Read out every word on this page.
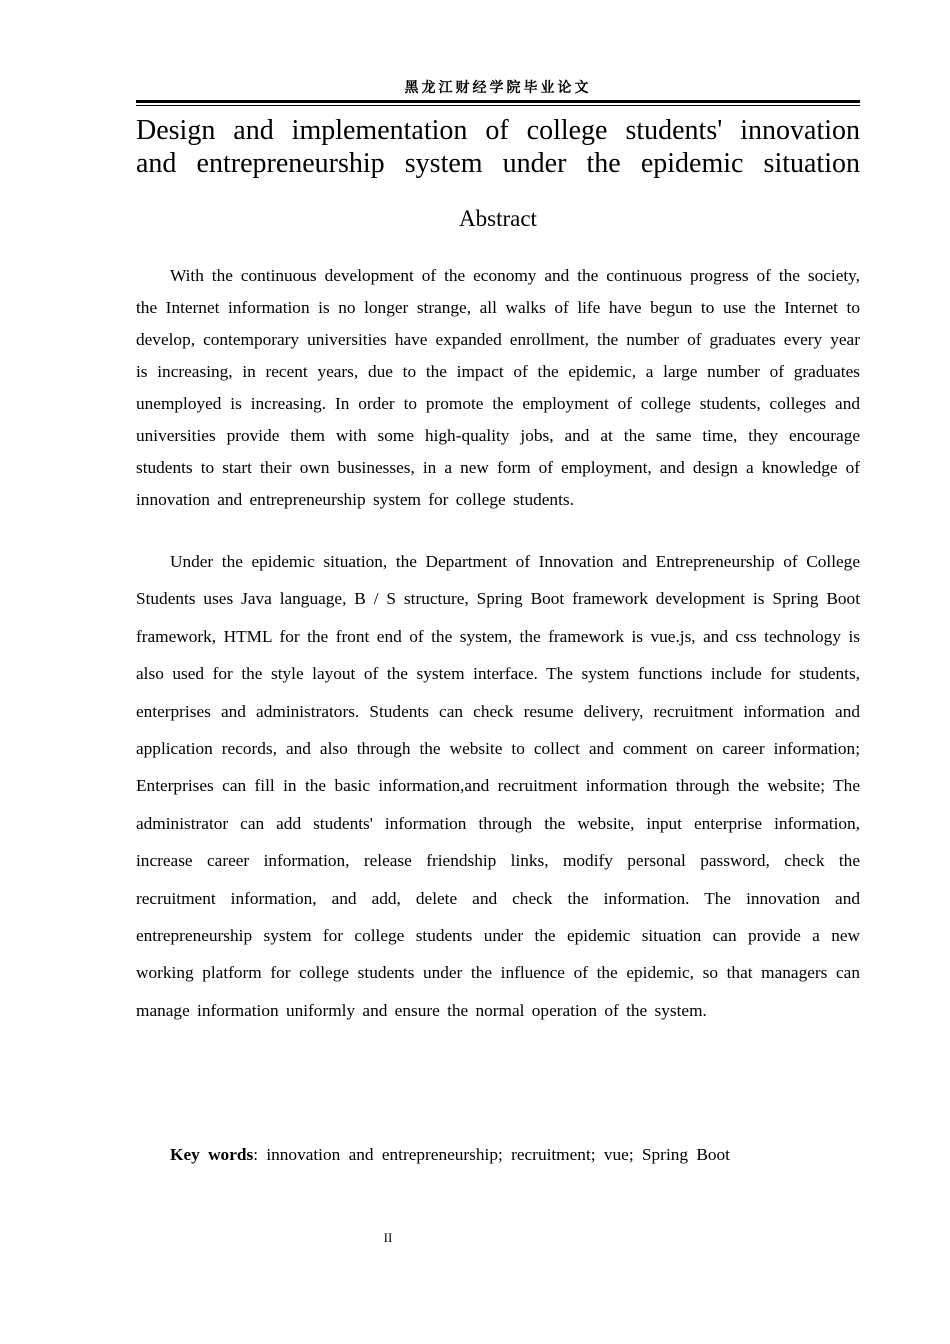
黑龙江财经学院毕业论文
Design and implementation of college students' innovation
and entrepreneurship system under the epidemic situation
Abstract

With the continuous development of the economy and the continuous progress of the society, the Internet information is no longer strange, all walks of life have begun to use the Internet to develop, contemporary universities have expanded enrollment, the number of graduates every year is increasing, in recent years, due to the impact of the epidemic, a large number of graduates unemployed is increasing. In order to promote the employment of college students, colleges and universities provide them with some high-quality jobs, and at the same time, they encourage students to start their own businesses, in a new form of employment, and design a knowledge of innovation and entrepreneurship system for college students.

Under the epidemic situation, the Department of Innovation and Entrepreneurship of College Students uses Java language, B / S structure, Spring Boot framework development is Spring Boot framework, HTML for the front end of the system, the framework is vue.js, and css technology is also used for the style layout of the system interface. The system functions include for students, enterprises and administrators. Students can check resume delivery, recruitment information and application records, and also through the website to collect and comment on career information; Enterprises can fill in the basic information,and recruitment information through the website; The administrator can add students' information through the website, input enterprise information, increase career information, release friendship links, modify personal password, check the recruitment information, and add, delete and check the information. The innovation and entrepreneurship system for college students under the epidemic situation can provide a new working platform for college students under the influence of the epidemic, so that managers can manage information uniformly and ensure the normal operation of the system.

Key words: innovation and entrepreneurship; recruitment; vue; Spring Boot

II
